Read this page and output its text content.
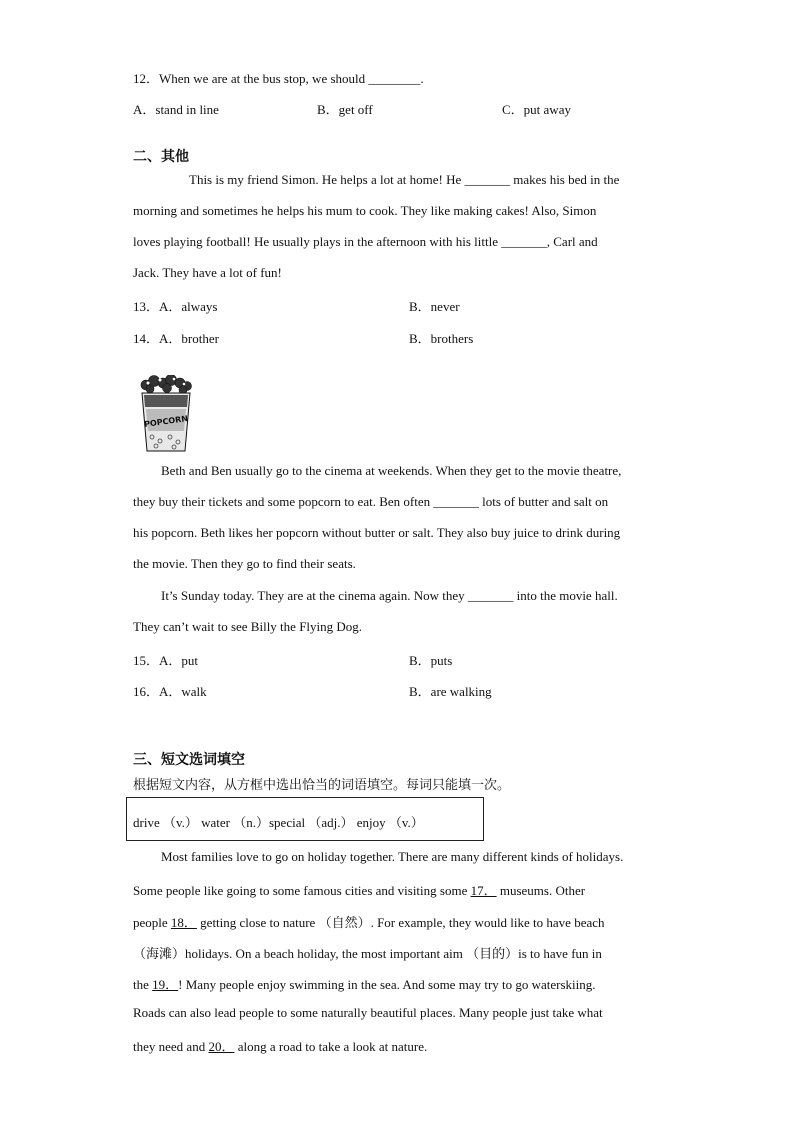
12．When we are at the bus stop, we should ________.
A．stand in line	B．get off	C．put away
二、其他
This is my friend Simon. He helps a lot at home! He _______ makes his bed in the
morning and sometimes he helps his mum to cook. They like making cakes! Also, Simon
loves playing football! He usually plays in the afternoon with his little _______, Carl and
Jack. They have a lot of fun!
13．A．always	B．never
14．A．brother	B．brothers
POPCORN
Beth and Ben usually go to the cinema at weekends. When they get to the movie theatre,
they buy their tickets and some popcorn to eat. Ben often _______ lots of butter and salt on
his popcorn. Beth likes her popcorn without butter or salt. They also buy juice to drink during
the movie. Then they go to find their seats.
It’s Sunday today. They are at the cinema again. Now they _______ into the movie hall.
They can’t wait to see Billy the Flying Dog.
15．A．put	B．puts
16．A．walk	B．are walking
三、短文选词填空
根据短文内容，从方框中选出恰当的词语填空。每词只能填一次。
drive （v.） water （n.）special （adj.） enjoy （v.）
Most families love to go on holiday together. There are many different kinds of holidays.
Some people like going to some famous cities and visiting some 17． museums. Other
people 18． getting close to nature （自然）. For example, they would like to have beach
（海滩）holidays. On a beach holiday, the most important aim （目的）is to have fun in
the 19．! Many people enjoy swimming in the sea. And some may try to go waterskiing.
Roads can also lead people to some naturally beautiful places. Many people just take what
they need and 20． along a road to take a look at nature.
